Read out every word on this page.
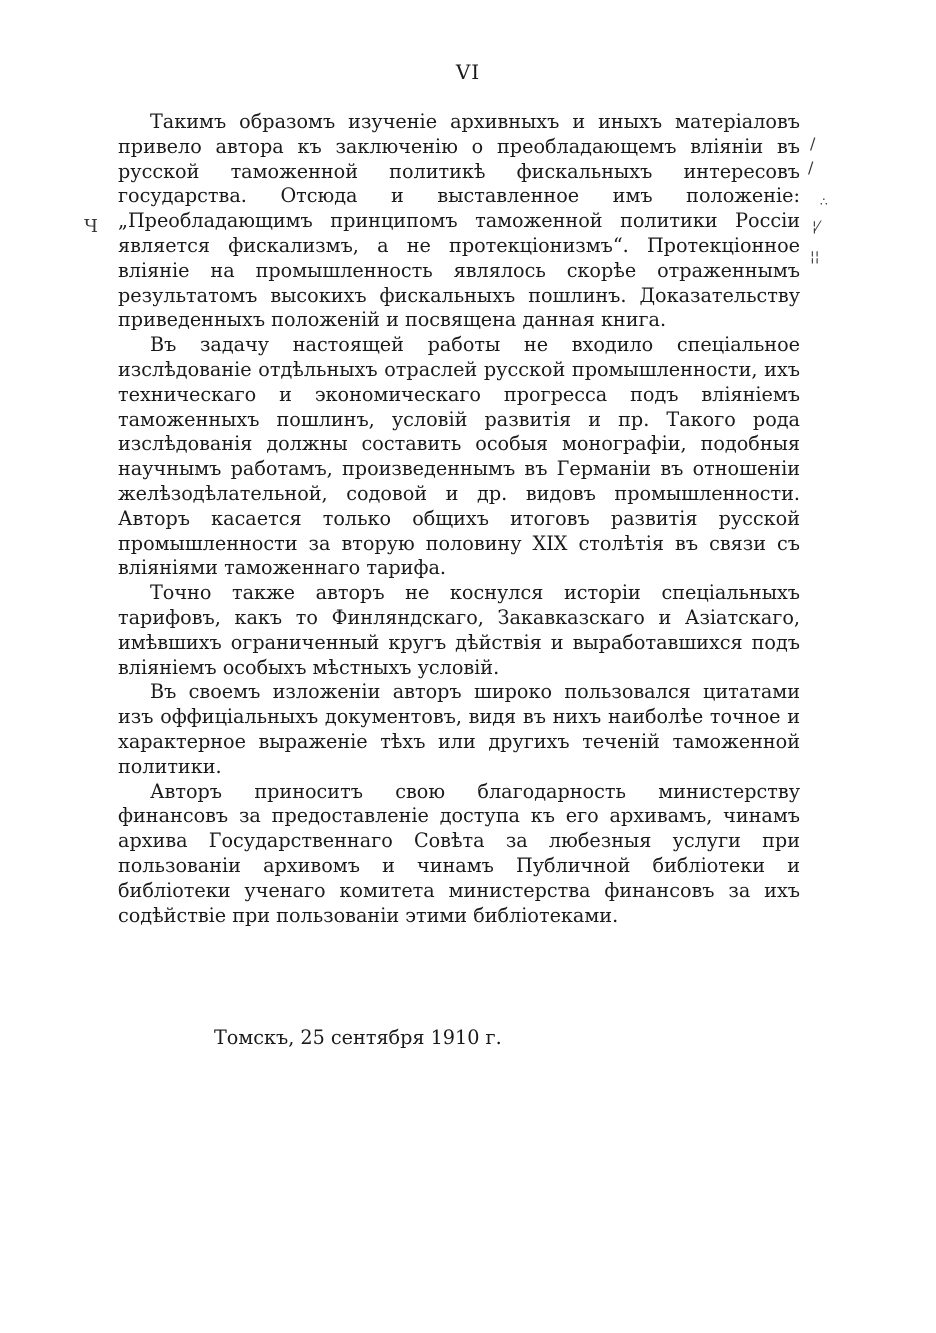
VI

Такимъ образомъ изученіе архивныхъ и иныхъ матеріаловъ привело автора къ заключенію о преобладающемъ вліяніи въ русской таможенной политикѣ фискальныхъ интересовъ государства. Отсюда и выставленное имъ положеніе: „Преобладающимъ принципомъ таможенной политики Россіи является фискализмъ, а не протекціонизмъ“. Протекціонное вліяніе на промышленность являлось скорѣе отраженнымъ результатомъ высокихъ фискальныхъ пошлинъ. Доказательству приведенныхъ положеній и посвящена данная книга.

Въ задачу настоящей работы не входило спеціальное изслѣдованіе отдѣльныхъ отраслей русской промышленности, ихъ техническаго и экономическаго прогресса подъ вліяніемъ таможенныхъ пошлинъ, условій развитія и пр. Такого рода изслѣдованія должны составить особыя монографіи, подобныя научнымъ работамъ, произведеннымъ въ Германіи въ отношеніи желѣзодѣлательной, содовой и др. видовъ промышленности. Авторъ касается только общихъ итоговъ развитія русской промышленности за вторую половину XIX столѣтія въ связи съ вліяніями таможеннаго тарифа.

Точно также авторъ не коснулся исторіи спеціальныхъ тарифовъ, какъ то Финляндскаго, Закавказскаго и Азіатскаго, имѣвшихъ ограниченный кругъ дѣйствія и выработавшихся подъ вліяніемъ особыхъ мѣстныхъ условій.

Въ своемъ изложеніи авторъ широко пользовался цитатами изъ оффиціальныхъ документовъ, видя въ нихъ наиболѣе точное и характерное выраженіе тѣхъ или другихъ теченій таможенной политики.

Авторъ приноситъ свою благодарность министерству финансовъ за предоставленіе доступа къ его архивамъ, чинамъ архива Государственнаго Совѣта за любезныя услуги при пользованіи архивомъ и чинамъ Публичной библіотеки и библіотеки ученаго комитета министерства финансовъ за ихъ содѣйствіе при пользованіи этими библіотеками.

Томскъ, 25 сентября 1910 г.
Ч
/
/
∴
¦⁄
¦¦
